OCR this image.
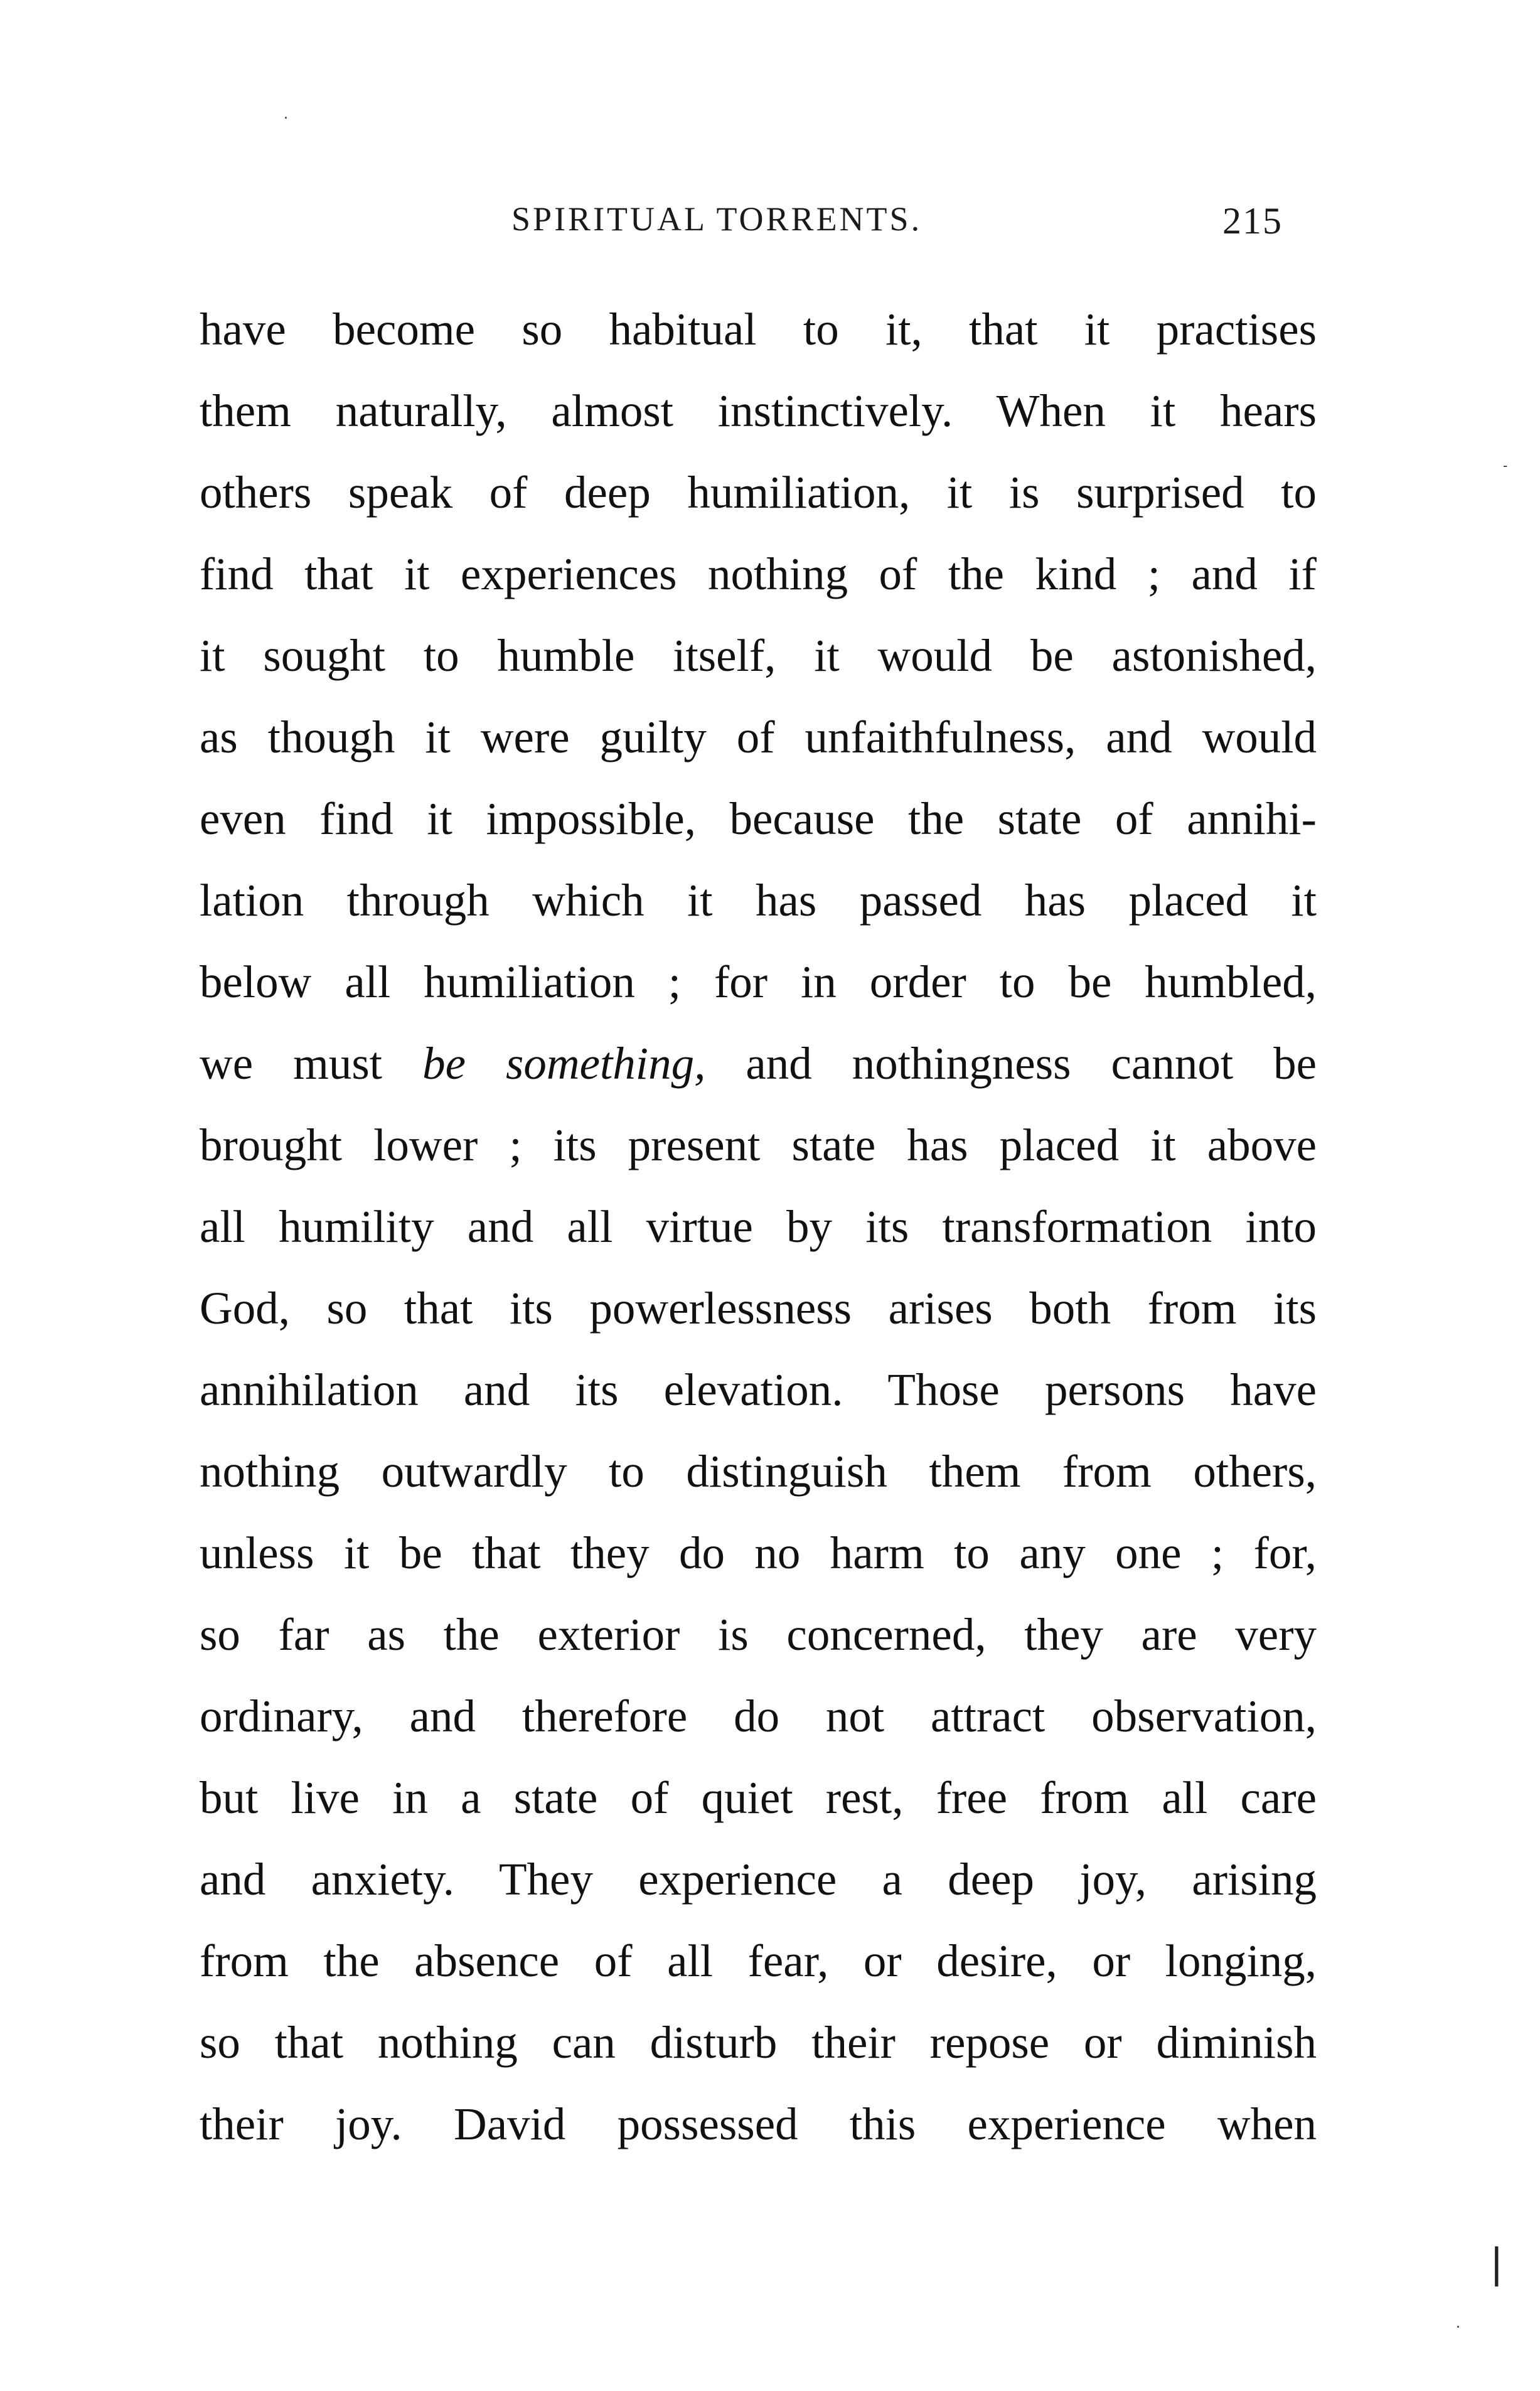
SPIRITUAL TORRENTS.	215
have become so habitual to it, that it practises
them naturally, almost instinctively. When it hears
others speak of deep humiliation, it is surprised to
find that it experiences nothing of the kind ; and if
it sought to humble itself, it would be astonished,
as though it were guilty of unfaithfulness, and would
even find it impossible, because the state of annihi-
lation through which it has passed has placed it
below all humiliation ; for in order to be humbled,
we must be something, and nothingness cannot be
brought lower ; its present state has placed it above
all humility and all virtue by its transformation into
God, so that its powerlessness arises both from its
annihilation and its elevation. Those persons have
nothing outwardly to distinguish them from others,
unless it be that they do no harm to any one ; for,
so far as the exterior is concerned, they are very
ordinary, and therefore do not attract observation,
but live in a state of quiet rest, free from all care
and anxiety. They experience a deep joy, arising
from the absence of all fear, or desire, or longing,
so that nothing can disturb their repose or diminish
their joy. David possessed this experience when
.
-
❘
.
